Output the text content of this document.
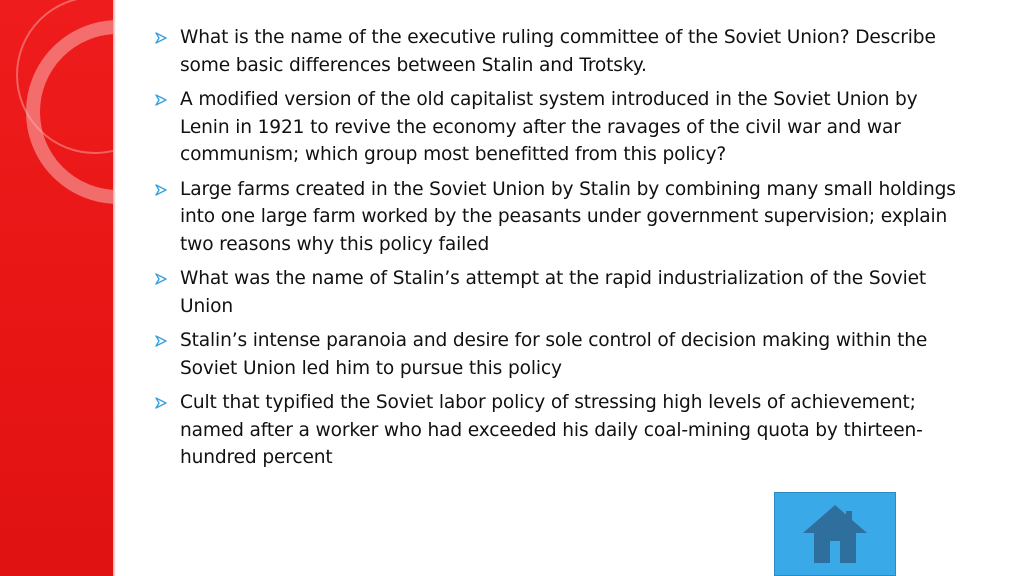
What is the name of the executive ruling committee of the Soviet Union? Describe some basic differences between Stalin and Trotsky.
A modified version of the old capitalist system introduced in the Soviet Union by Lenin in 1921 to revive the economy after the ravages of the civil war and war communism; which group most benefitted from this policy?
Large farms created in the Soviet Union by Stalin by combining many small holdings into one large farm worked by the peasants under government supervision; explain two reasons why this policy failed
What was the name of Stalin’s attempt at the rapid industrialization of the Soviet Union
Stalin’s intense paranoia and desire for sole control of decision making within the Soviet Union led him to pursue this policy
Cult that typified the Soviet labor policy of stressing high levels of achievement; named after a worker who had exceeded his daily coal-mining quota by thirteen-hundred percent
